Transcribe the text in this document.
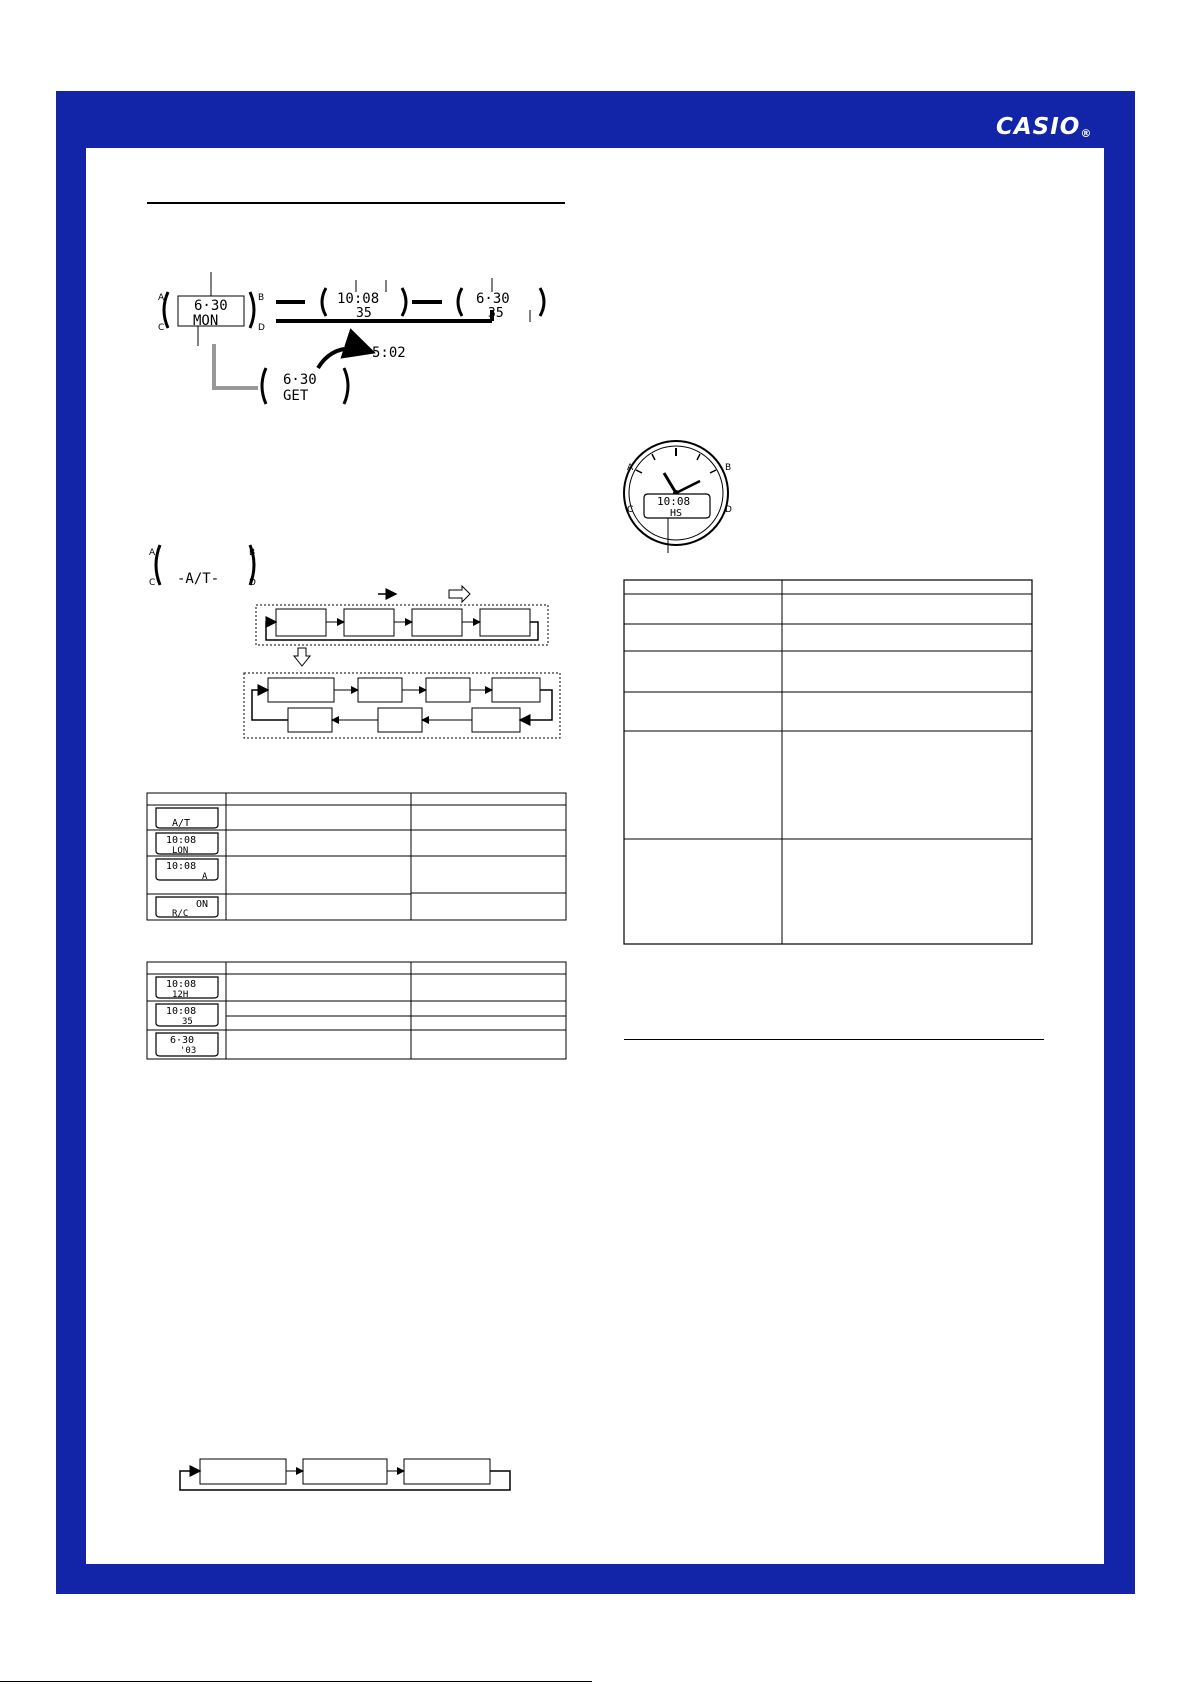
CASIO®
6·30
MON
A	B
C	D
10:08
35
6·30
35
6·30
GET
5:02
-A/T-
A	B
C	D
A/T
10:08
LON
10:08
A
ON
R/C
10:08
12H
10:08
35
6·30
'03
10:08
HS
A	B
C	D
